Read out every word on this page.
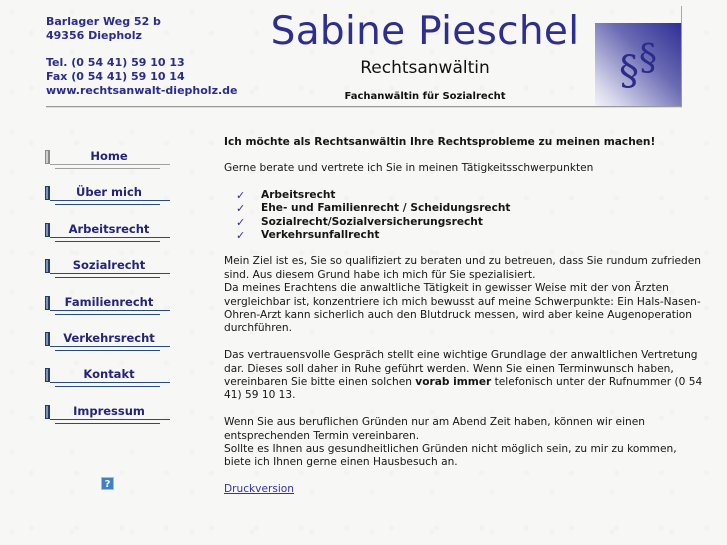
Barlager Weg 52 b
49356 Diepholz
Tel. (0 54 41) 59 10 13
Fax (0 54 41) 59 10 14
www.rechtsanwalt-diepholz.de
Sabine Pieschel
Rechtsanwältin
Fachanwältin für Sozialrecht
§ §
Home
Über mich
Arbeitsrecht
Sozialrecht
Familienrecht
Verkehrsrecht
Kontakt
Impressum
?

Ich möchte als Rechtsanwältin Ihre Rechtsprobleme zu meinen machen!

Gerne berate und vertrete ich Sie in meinen Tätigkeitsschwerpunkten

✓ Arbeitsrecht
✓ Ehe- und Familienrecht / Scheidungsrecht
✓ Sozialrecht/Sozialversicherungsrecht
✓ Verkehrsunfallrecht

Mein Ziel ist es, Sie so qualifiziert zu beraten und zu betreuen, dass Sie rundum zufrieden sind. Aus diesem Grund habe ich mich für Sie spezialisiert.

Da meines Erachtens die anwaltliche Tätigkeit in gewisser Weise mit der von Ärzten vergleichbar ist, konzentriere ich mich bewusst auf meine Schwerpunkte: Ein Hals-Nasen-Ohren-Arzt kann sicherlich auch den Blutdruck messen, wird aber keine Augenoperation durchführen.

Das vertrauensvolle Gespräch stellt eine wichtige Grundlage der anwaltlichen Vertretung dar. Dieses soll daher in Ruhe geführt werden. Wenn Sie einen Terminwunsch haben, vereinbaren Sie bitte einen solchen vorab immer telefonisch unter der Rufnummer (0 54 41) 59 10 13.

Wenn Sie aus beruflichen Gründen nur am Abend Zeit haben, können wir einen entsprechenden Termin vereinbaren.

Sollte es Ihnen aus gesundheitlichen Gründen nicht möglich sein, zu mir zu kommen, biete ich Ihnen gerne einen Hausbesuch an.

Druckversion
